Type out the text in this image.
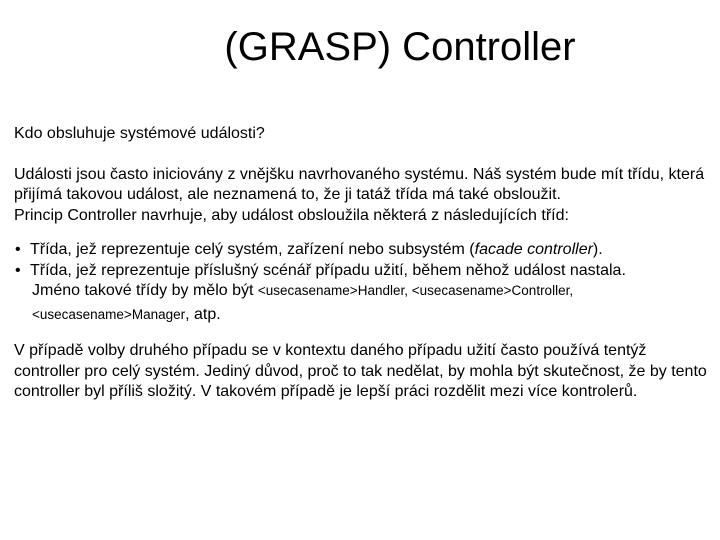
(GRASP) Controller

Kdo obsluhuje systémové události?

Události jsou často iniciovány z vnějšku navrhovaného systému. Náš systém bude mít třídu, která přijímá takovou událost, ale neznamená to, že ji tatáž třída má také obsloužit.

Princip Controller navrhuje, aby událost obsloužila některá z následujících tříd:

• Třída, jež reprezentuje celý systém, zařízení nebo subsystém (facade controller).
• Třída, jež reprezentuje příslušný scénář případu užití, během něhož událost nastala.
Jméno takové třídy by mělo být <usecasename>Handler, <usecasename>Controller,
<usecasename>Manager, atp.

V případě volby druhého případu se v kontextu daného případu užití často používá tentýž controller pro celý systém. Jediný důvod, proč to tak nedělat, by mohla být skutečnost, že by tento controller byl příliš složitý. V takovém případě je lepší práci rozdělit mezi více kontrolerů.
